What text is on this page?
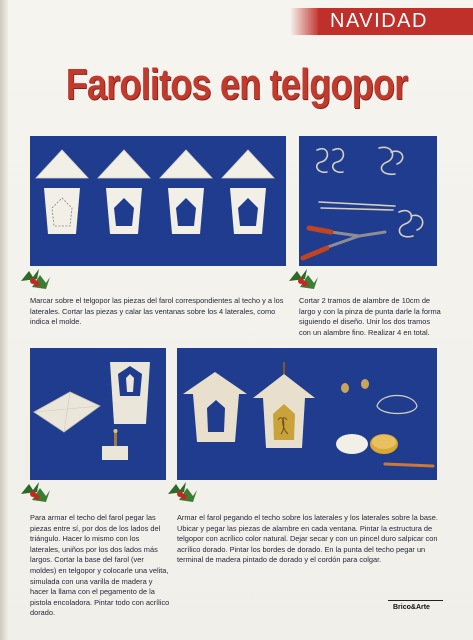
NAVIDAD
Farolitos en telgopor

Marcar sobre el telgopor las piezas del farol correspondientes al techo y a los laterales. Cortar las piezas y calar las ventanas sobre los 4 laterales, como indica el molde.

Cortar 2 tramos de alambre de 10cm de largo y con la pinza de punta darle la forma siguiendo el diseño. Unir los dos tramos con un alambre fino. Realizar 4 en total.

Para armar el techo del farol pegar las piezas entre sí, por dos de los lados del triángulo. Hacer lo mismo con los laterales, uniños por los dos lados más largos. Cortar la base del farol (ver moldes) en telgopor y colocarle una velita, simulada con una varilla de madera y hacer la llama con el pegamento de la pistola encoladora. Pintar todo con acrílico dorado.

Armar el farol pegando el techo sobre los laterales y los laterales sobre la base. Ubicar y pegar las piezas de alambre en cada ventana. Pintar la estructura de telgopor con acrílico color natural. Dejar secar y con un pincel duro salpicar con acrílico dorado. Pintar los bordes de dorado. En la punta del techo pegar un terminal de madera pintado de dorado y el cordón para colgar.

Brico&Arte
